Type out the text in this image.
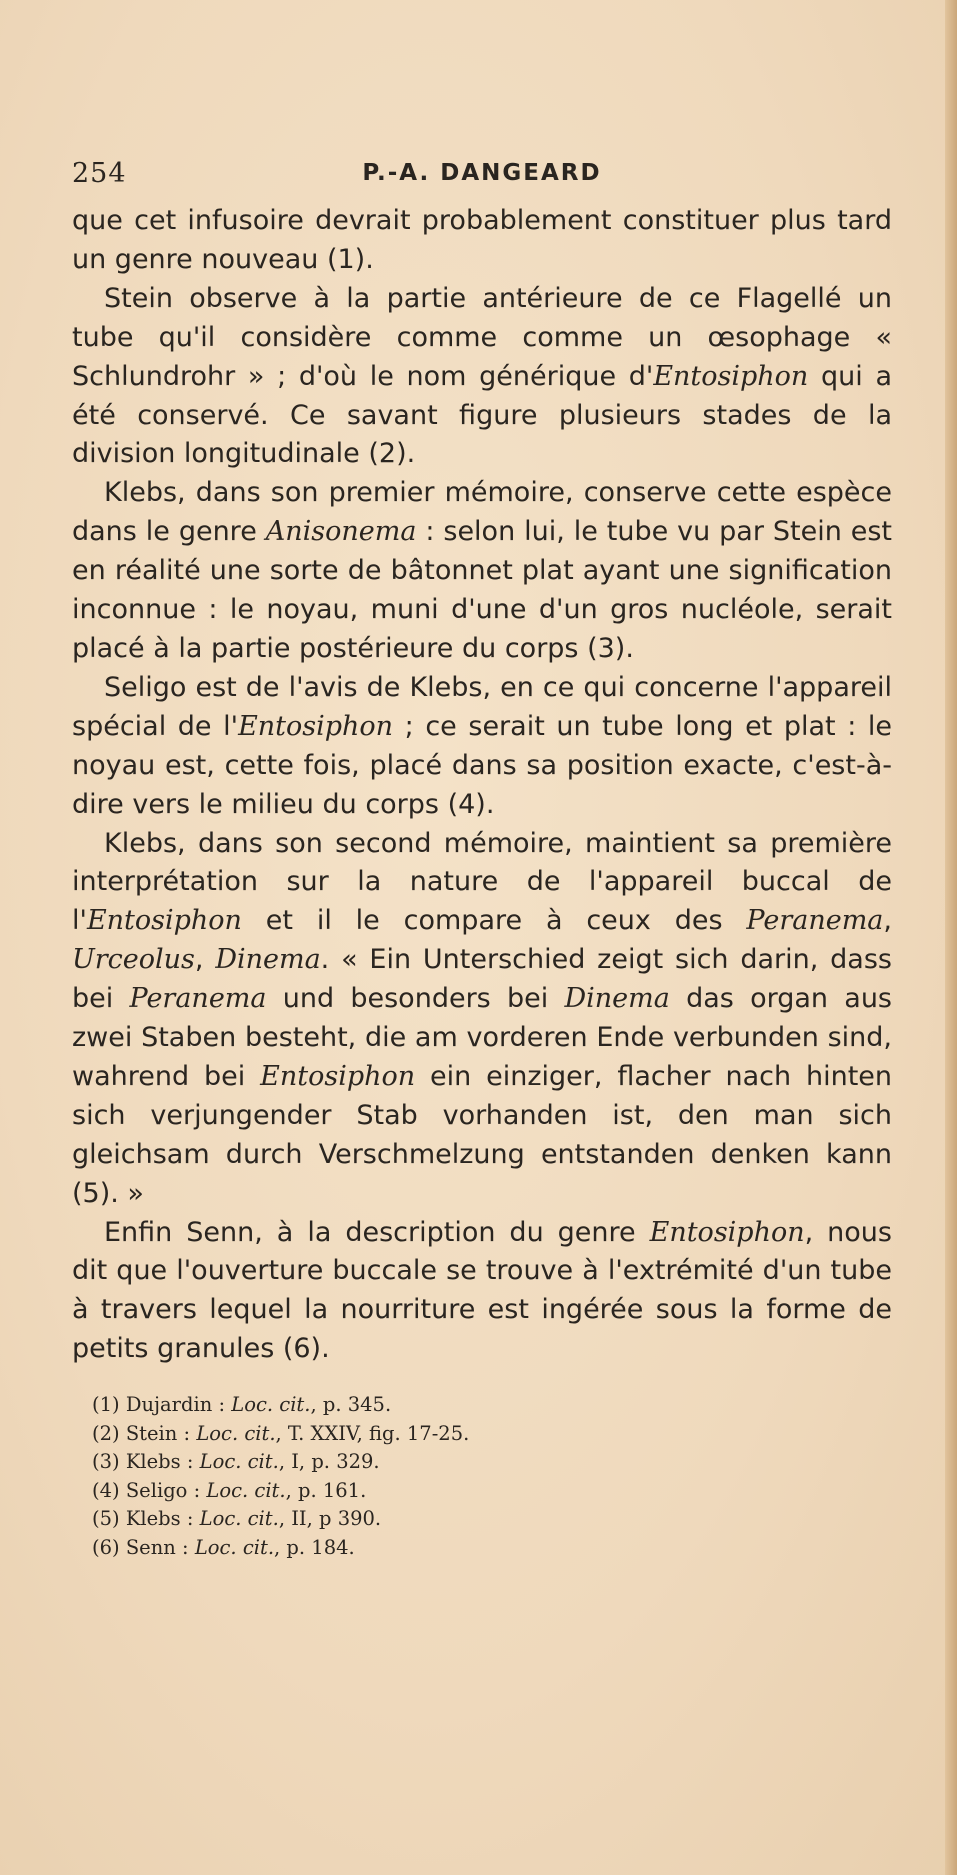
254	P.-A. DANGEARD

que cet infusoire devrait probablement constituer plus tard un genre nouveau (1).

Stein observe à la partie antérieure de ce Flagellé un tube qu'il considère comme comme un œsophage « Schlundrohr » ; d'où le nom générique d'Entosiphon qui a été conservé. Ce savant figure plusieurs stades de la division longitudinale (2).

Klebs, dans son premier mémoire, conserve cette espèce dans le genre Anisonema : selon lui, le tube vu par Stein est en réalité une sorte de bâtonnet plat ayant une signification inconnue : le noyau, muni d'une d'un gros nucléole, serait placé à la partie postérieure du corps (3).

Seligo est de l'avis de Klebs, en ce qui concerne l'appareil spécial de l'Entosiphon ; ce serait un tube long et plat : le noyau est, cette fois, placé dans sa position exacte, c'est-à-dire vers le milieu du corps (4).

Klebs, dans son second mémoire, maintient sa première interprétation sur la nature de l'appareil buccal de l'Entosiphon et il le compare à ceux des Peranema, Urceolus, Dinema. « Ein Unterschied zeigt sich darin, dass bei Peranema und besonders bei Dinema das organ aus zwei Staben besteht, die am vorderen Ende verbunden sind, wahrend bei Entosiphon ein einziger, flacher nach hinten sich verjungender Stab vorhanden ist, den man sich gleichsam durch Verschmelzung entstanden denken kann (5). »

Enfin Senn, à la description du genre Entosiphon, nous dit que l'ouverture buccale se trouve à l'extrémité d'un tube à travers lequel la nourriture est ingérée sous la forme de petits granules (6).

(1) Dujardin : Loc. cit., p. 345.
(2) Stein : Loc. cit., T. XXIV, fig. 17-25.
(3) Klebs : Loc. cit., I, p. 329.
(4) Seligo : Loc. cit., p. 161.
(5) Klebs : Loc. cit., II, p 390.
(6) Senn : Loc. cit., p. 184.
